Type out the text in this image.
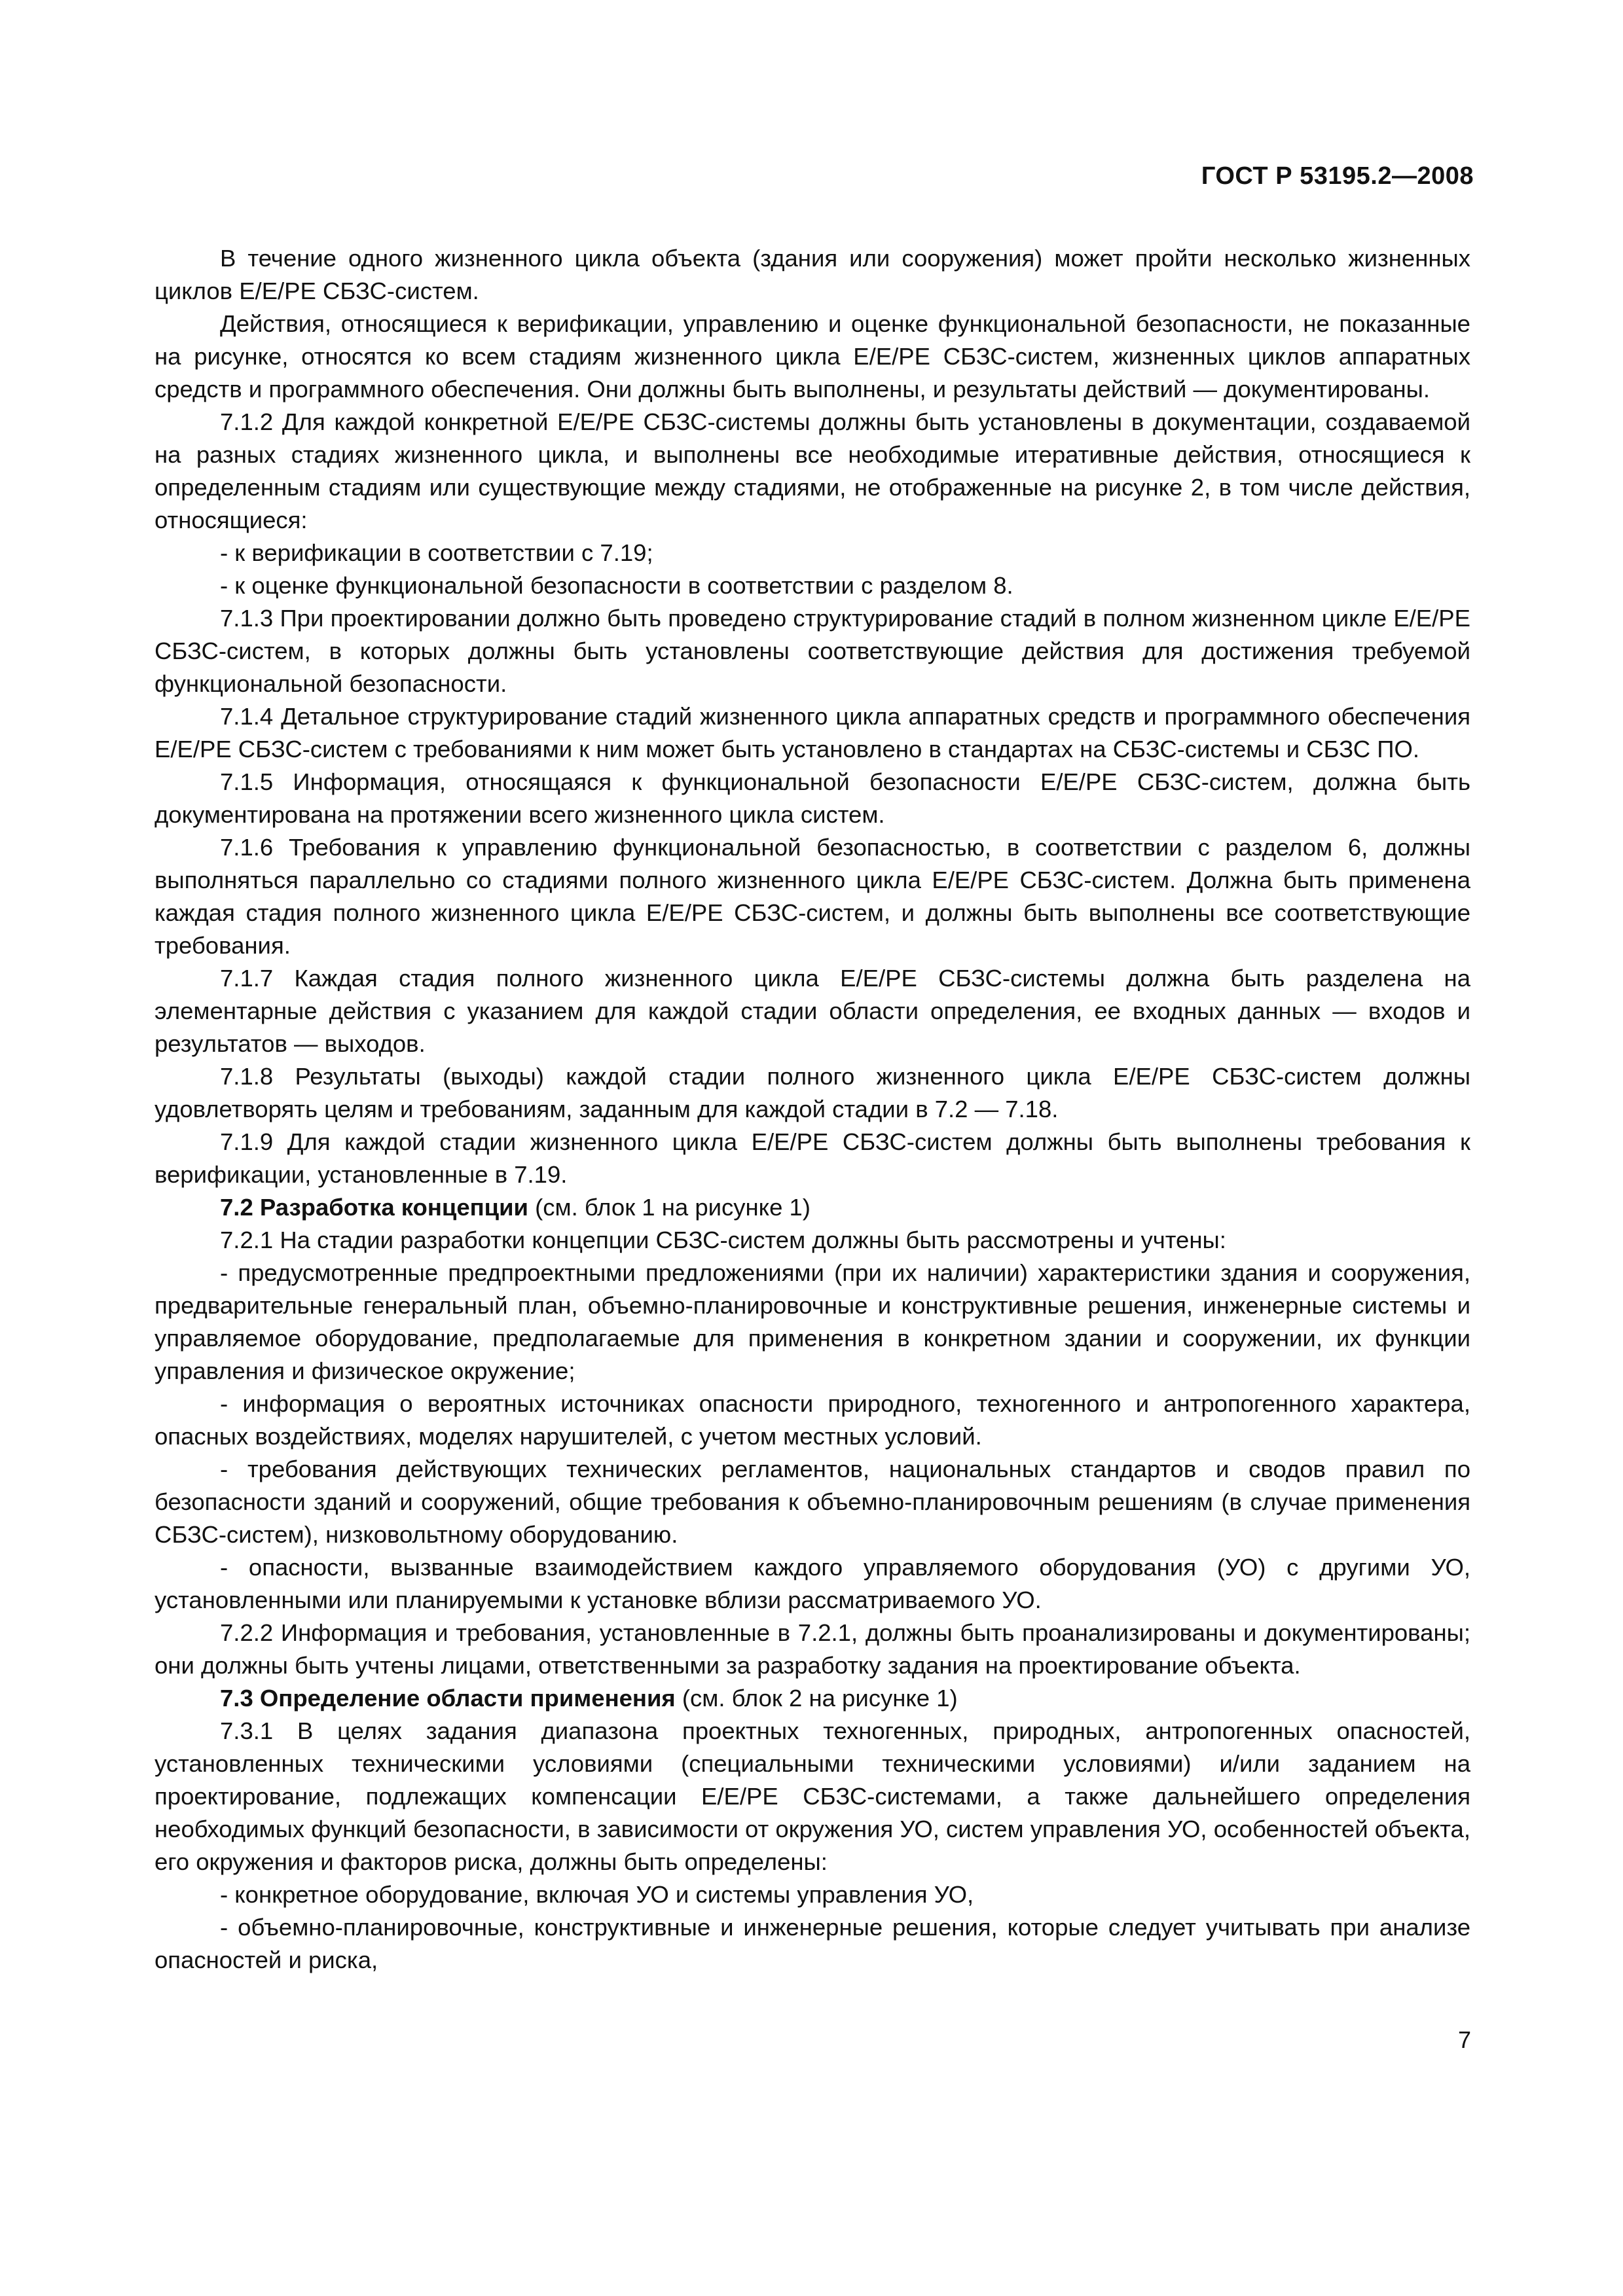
ГОСТ Р 53195.2—2008

В течение одного жизненного цикла объекта (здания или сооружения) может пройти несколько жизненных циклов Е/Е/РЕ СБЗС-систем.

Действия, относящиеся к верификации, управлению и оценке функциональной безопасности, не показанные на рисунке, относятся ко всем стадиям жизненного цикла Е/Е/РЕ СБЗС-систем, жизненных циклов аппаратных средств и программного обеспечения. Они должны быть выполнены, и результаты действий — документированы.

7.1.2 Для каждой конкретной Е/Е/РЕ СБЗС-системы должны быть установлены в документации, создаваемой на разных стадиях жизненного цикла, и выполнены все необходимые итеративные действия, относящиеся к определенным стадиям или существующие между стадиями, не отображенные на рисунке 2, в том числе действия, относящиеся:

- к верификации в соответствии с 7.19;

- к оценке функциональной безопасности в соответствии с разделом 8.

7.1.3 При проектировании должно быть проведено структурирование стадий в полном жизненном цикле Е/Е/РЕ СБЗС-систем, в которых должны быть установлены соответствующие действия для достижения требуемой функциональной безопасности.

7.1.4 Детальное структурирование стадий жизненного цикла аппаратных средств и программного обеспечения Е/Е/РЕ СБЗС-систем с требованиями к ним может быть установлено в стандартах на СБЗС-системы и СБЗС ПО.

7.1.5 Информация, относящаяся к функциональной безопасности Е/Е/РЕ СБЗС-систем, должна быть документирована на протяжении всего жизненного цикла систем.

7.1.6 Требования к управлению функциональной безопасностью, в соответствии с разделом 6, должны выполняться параллельно со стадиями полного жизненного цикла Е/Е/РЕ СБЗС-систем. Должна быть применена каждая стадия полного жизненного цикла Е/Е/РЕ СБЗС-систем, и должны быть выполнены все соответствующие требования.

7.1.7 Каждая стадия полного жизненного цикла Е/Е/РЕ СБЗС-системы должна быть разделена на элементарные действия с указанием для каждой стадии области определения, ее входных данных — входов и результатов — выходов.

7.1.8 Результаты (выходы) каждой стадии полного жизненного цикла Е/Е/РЕ СБЗС-систем должны удовлетворять целям и требованиям, заданным для каждой стадии в 7.2 — 7.18.

7.1.9 Для каждой стадии жизненного цикла Е/Е/РЕ СБЗС-систем должны быть выполнены требования к верификации, установленные в 7.19.

7.2 Разработка концепции (см. блок 1 на рисунке 1)

7.2.1 На стадии разработки концепции СБЗС-систем должны быть рассмотрены и учтены:

- предусмотренные предпроектными предложениями (при их наличии) характеристики здания и сооружения, предварительные генеральный план, объемно-планировочные и конструктивные решения, инженерные системы и управляемое оборудование, предполагаемые для применения в конкретном здании и сооружении, их функции управления и физическое окружение;

- информация о вероятных источниках опасности природного, техногенного и антропогенного характера, опасных воздействиях, моделях нарушителей, с учетом местных условий.

- требования действующих технических регламентов, национальных стандартов и сводов правил по безопасности зданий и сооружений, общие требования к объемно-планировочным решениям (в случае применения СБЗС-систем), низковольтному оборудованию.

- опасности, вызванные взаимодействием каждого управляемого оборудования (УО) с другими УО, установленными или планируемыми к установке вблизи рассматриваемого УО.

7.2.2 Информация и требования, установленные в 7.2.1, должны быть проанализированы и документированы; они должны быть учтены лицами, ответственными за разработку задания на проектирование объекта.

7.3 Определение области применения (см. блок 2 на рисунке 1)

7.3.1 В целях задания диапазона проектных техногенных, природных, антропогенных опасностей, установленных техническими условиями (специальными техническими условиями) и/или заданием на проектирование, подлежащих компенсации Е/Е/РЕ СБЗС-системами, а также дальнейшего определения необходимых функций безопасности, в зависимости от окружения УО, систем управления УО, особенностей объекта, его окружения и факторов риска, должны быть определены:

- конкретное оборудование, включая УО и системы управления УО,

- объемно-планировочные, конструктивные и инженерные решения, которые следует учитывать при анализе опасностей и риска,

7
